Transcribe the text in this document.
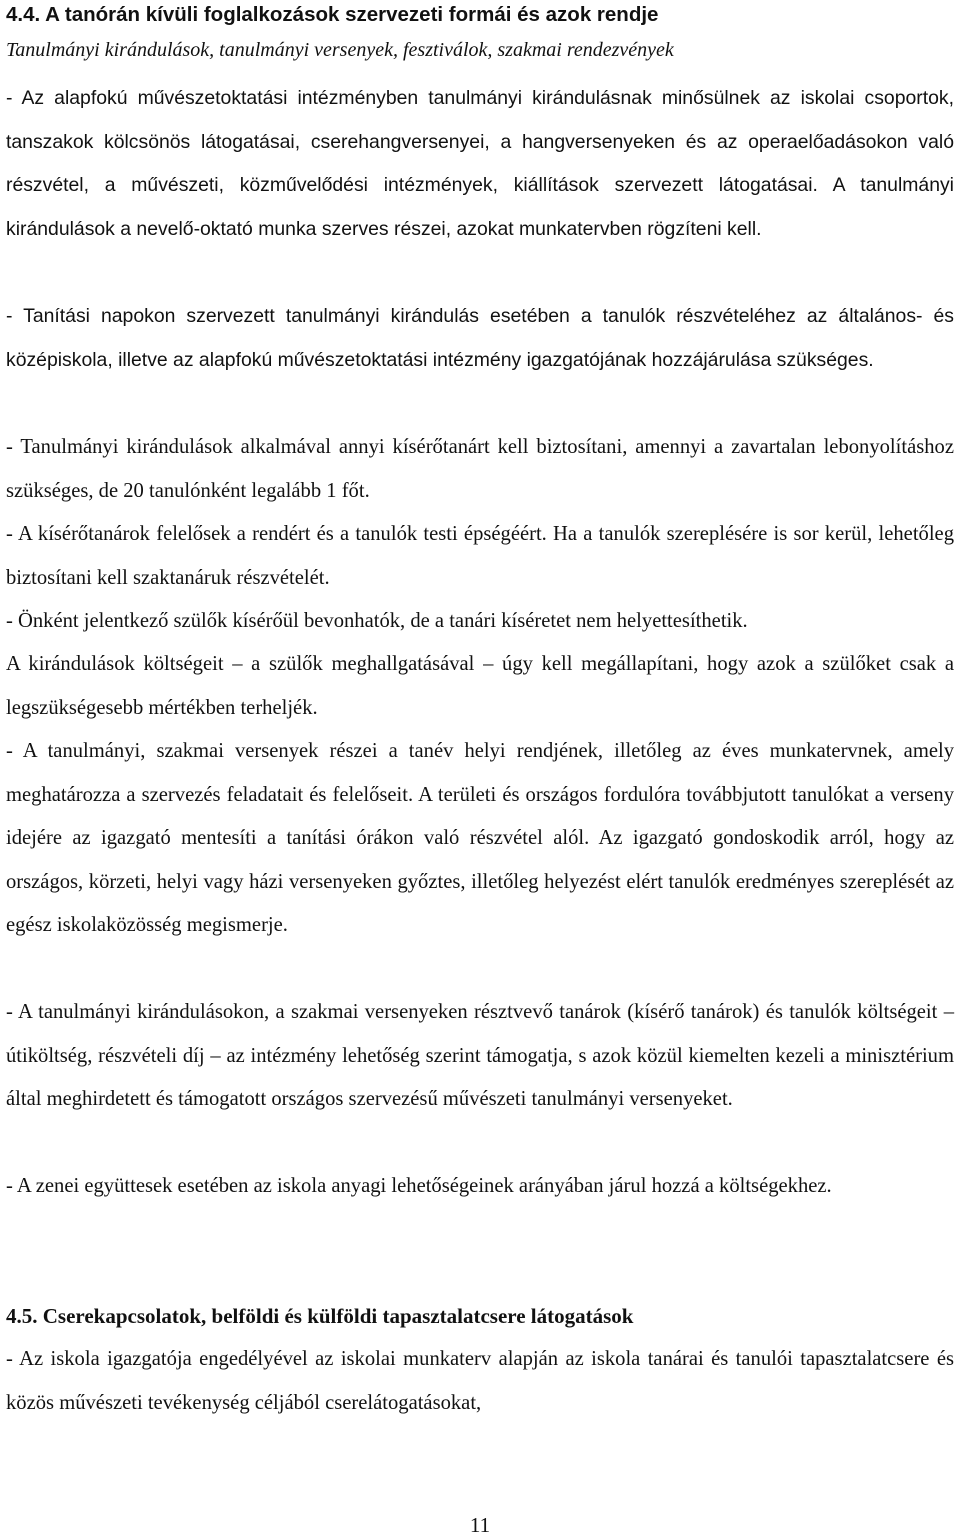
4.4. A tanórán kívüli foglalkozások szervezeti formái és azok rendje

Tanulmányi kirándulások, tanulmányi versenyek, fesztiválok, szakmai rendezvények

- Az alapfokú művészetoktatási intézményben tanulmányi kirándulásnak minősülnek az iskolai csoportok, tanszakok kölcsönös látogatásai, cserehangversenyei, a hangversenyeken és az operaelőadásokon való részvétel, a művészeti, közművelődési intézmények, kiállítások szervezett látogatásai. A tanulmányi kirándulások a nevelő-oktató munka szerves részei, azokat munkatervben rögzíteni kell.

- Tanítási napokon szervezett tanulmányi kirándulás esetében a tanulók részvételéhez az általános- és középiskola, illetve az alapfokú művészetoktatási intézmény igazgatójának hozzájárulása szükséges.

- Tanulmányi kirándulások alkalmával annyi kísérőtanárt kell biztosítani, amennyi a zavartalan lebonyolításhoz szükséges, de 20 tanulónként legalább 1 főt.

- A kísérőtanárok felelősek a rendért és a tanulók testi épségéért. Ha a tanulók szereplésére is sor kerül, lehetőleg biztosítani kell szaktanáruk részvételét.

- Önként jelentkező szülők kísérőül bevonhatók, de a tanári kíséretet nem helyettesíthetik.

A kirándulások költségeit – a szülők meghallgatásával – úgy kell megállapítani, hogy azok a szülőket csak a legszükségesebb mértékben terheljék.

- A tanulmányi, szakmai versenyek részei a tanév helyi rendjének, illetőleg az éves munkatervnek, amely meghatározza a szervezés feladatait és felelőseit. A területi és országos fordulóra továbbjutott tanulókat a verseny idejére az igazgató mentesíti a tanítási órákon való részvétel alól. Az igazgató gondoskodik arról, hogy az országos, körzeti, helyi vagy házi versenyeken győztes, illetőleg helyezést elért tanulók eredményes szereplését az egész iskolaközösség megismerje.

- A tanulmányi kirándulásokon, a szakmai versenyeken résztvevő tanárok (kísérő tanárok) és tanulók költségeit – útiköltség, részvételi díj – az intézmény lehetőség szerint támogatja, s azok közül kiemelten kezeli a minisztérium által meghirdetett és támogatott országos szervezésű művészeti tanulmányi versenyeket.

- A zenei együttesek esetében az iskola anyagi lehetőségeinek arányában járul hozzá a költségekhez.

4.5. Cserekapcsolatok, belföldi és külföldi tapasztalatcsere látogatások

- Az iskola igazgatója engedélyével az iskolai munkaterv alapján az iskola tanárai és tanulói tapasztalatcsere és közös művészeti tevékenység céljából cserelátogatásokat,

11
